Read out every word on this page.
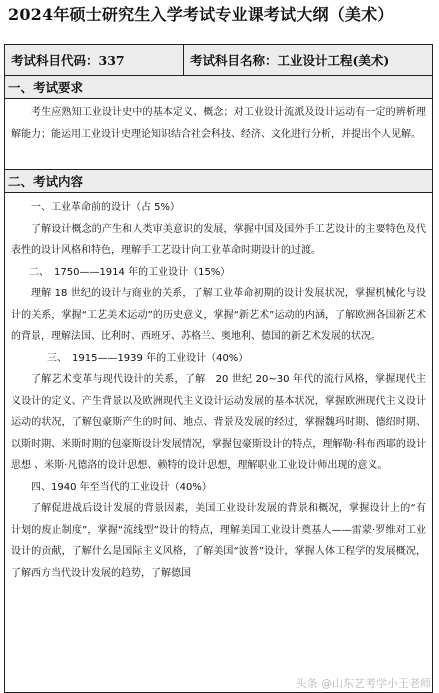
2024年硕士研究生入学考试专业课考试大纲（美术）
考试科目代码：337	考试科目名称：工业设计工程(美术)
一、考试要求

考生应熟知工业设计史中的基本定义、概念；对工业设计流派及设计运动有一定的辨析理解能力；能运用工业设计史理论知识结合社会科技、经济、文化进行分析，并提出个人见解。

二、考试内容
一、工业革命前的设计（占 5%）

了解设计概念的产生和人类审美意识的发展，掌握中国及国外手工艺设计的主要特色及代表性的设计风格和特色，理解手工艺设计向工业革命时期设计的过渡。

二、　1750——1914 年的工业设计（15%）

理解 18 世纪的设计与商业的关系，了解工业革命初期的设计发展状况，掌握机械化与设计的关系，掌握“工艺美术运动”的历史意义，掌握“新艺术”运动的内涵，了解欧洲各国新艺术的背景，理解法国、比利时、西班牙、苏格兰、奥地利、德国的新艺术发展的状况。

三、　1915——1939 年的工业设计（40%）

了解艺术变革与现代设计的关系，了解　20 世纪 20~30 年代的流行风格，掌握现代主义设计的定义、产生背景以及欧洲现代主义设计运动发展的基本状况，掌握欧洲现代主义设计运动的状况，了解包豪斯产生的时间、地点、背景及发展的经过，掌握魏玛时期、德绍时期、以斯时期、米斯时期的包豪斯设计发展情况，掌握包豪斯设计的特点，理解勒·科布西耶的设计思想 、米斯·凡德洛的设计思想、赖特的设计思想，理解职业工业设计师出现的意义。

四、1940 年至当代的工业设计（40%）

了解促进战后设计发展的背景因素，美国工业设计发展的背景和概况，掌握设计上的“有计划的废止制度”，掌握“流线型”设计的特点，理解美国工业设计奠基人——雷蒙·罗维对工业设计的贡献，了解什么是国际主义风格，了解美国“波普”设计，掌握人体工程学的发展概况，了解西方当代设计发展的趋势，了解德国

头条 @山东艺考学小王老师
